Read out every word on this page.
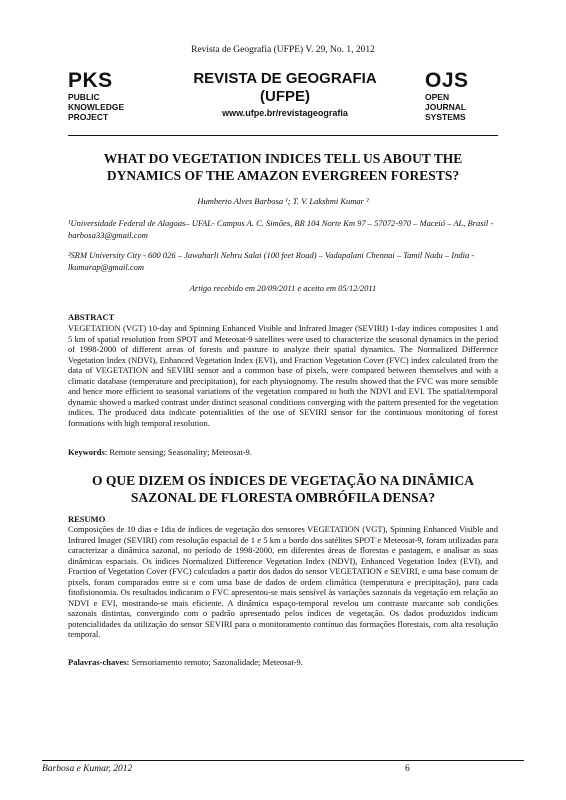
Revista de Geografia (UFPE) V. 29, No. 1, 2012
PKS
PUBLIC
KNOWLEDGE
PROJECT
REVISTA DE GEOGRAFIA
(UFPE)
www.ufpe.br/revistageografia
OJS
OPEN
JOURNAL
SYSTEMS
WHAT DO VEGETATION INDICES TELL US ABOUT THE DYNAMICS OF THE AMAZON EVERGREEN FORESTS?
Humberto Alves Barbosa ¹; T. V. Lakshmi Kumar ²
¹Universidade Federal de Alagoas– UFAL- Campus A. C. Simões, BR 104 Norte Km 97 – 57072-970 – Maceió – AL, Brasil - barbosa33@gmail.com
²SRM University City - 600 026 – Jawaharli Nehru Salai (100 feet Road) – Vadapalani Chennai – Tamil Nadu – India - lkumarap@gmail.com
Artigo recebido em 20/09/2011 e aceito em 05/12/2011
ABSTRACT
VEGETATION (VGT) 10-day and Spinning Enhanced Visible and Infrared Imager (SEVIRI) 1-day indices composites 1 and 5 km of spatial resolution from SPOT and Meteosat-9 satellites were used to characterize the seasonal dynamics in the period of 1998-2000 of different areas of forests and pasture to analyze their spatial dynamics. The Normalized Difference Vegetation Index (NDVI), Enhanced Vegetation Index (EVI), and Fraction Vegetation Cover (FVC) index calculated from the data of VEGETATION and SEVIRI sensor and a common base of pixels, were compared between themselves and with a climatic database (temperature and precipitation), for each physiognomy. The results showed that the FVC was more sensible and hence more efficient to seasonal variations of the vegetation compared to both the NDVI and EVI. The spatial/temporal dynamic showed a marked contrast under distinct seasonal conditions converging with the pattern presented for the vegetation indices. The produced data indicate potentialities of the use of SEVIRI sensor for the continuous monitoring of forest formations with high temporal resolution.
Keywords: Remote sensing; Seasonality; Meteosat-9.
O QUE DIZEM OS ÍNDICES DE VEGETAÇÃO NA DINÂMICA SAZONAL DE FLORESTA OMBRÓFILA DENSA?
RESUMO
Composições de 10 dias e 1dia de índices de vegetação dos sensores VEGETATION (VGT), Spinning Enhanced Visible and Infrared Imager (SEVIRI) com resolução espacial de 1 e 5 km a bordo dos satélites SPOT e Meteosat-9, foram utilizadas para caracterizar a dinâmica sazonal, no período de 1998-2000, em diferentes áreas de florestas e pastagem, e analisar as suas dinâmicas espaciais. Os índices Normalized Difference Vegetation Index (NDVI), Enhanced Vegetation Index (EVI), and Fraction of Vegetation Cover (FVC) calculados a partir dos dados do sensor VEGETATION e SEVIRI, e uma base comum de pixels, foram comparados entre si e com uma base de dados de ordem climática (temperatura e precipitação), para cada fitofisionomia. Os resultados indicaram o FVC apresentou-se mais sensível às variações sazonais da vegetação em relação ao NDVI e EVI, mostrando-se mais eficiente. A dinâmica espaço-temporal revelou um contraste marcante sob condições sazonais distintas, convergindo com o padrão apresentado pelos índices de vegetação. Os dados produzidos indicam potencialidades da utilização do sensor SEVIRI para o monitoramento contínuo das formações florestais, com alta resolução temporal.
Palavras-chaves: Sensoriamento remoto; Sazonalidade; Meteosat-9.
Barbosa e Kumar, 2012	6
